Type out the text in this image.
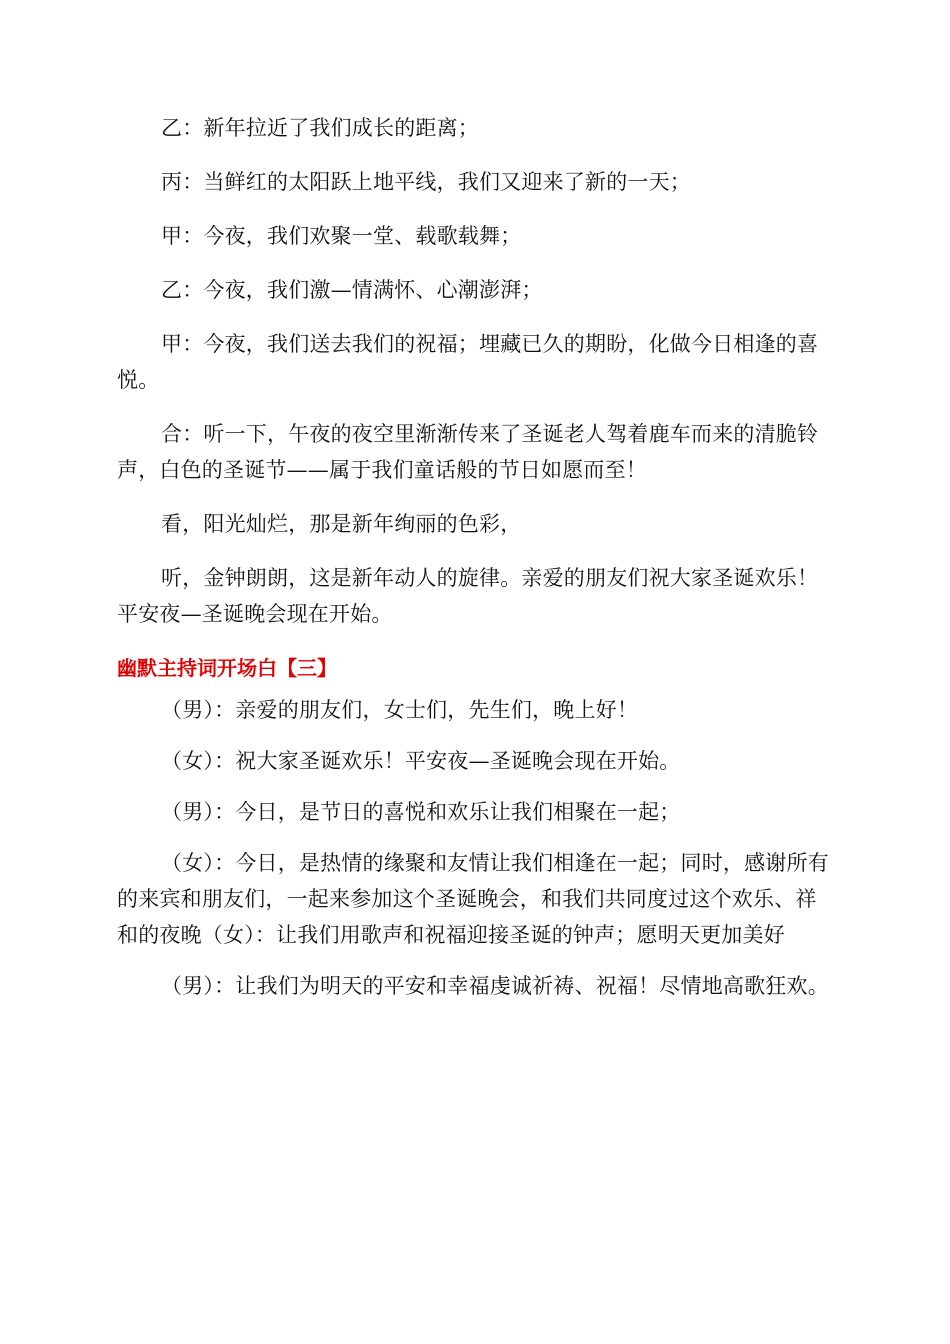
乙：新年拉近了我们成长的距离；

丙：当鲜红的太阳跃上地平线，我们又迎来了新的一天；

甲：今夜，我们欢聚一堂、载歌载舞；

乙：今夜，我们激—情满怀、心潮澎湃；

甲：今夜，我们送去我们的祝福；埋藏已久的期盼，化做今日相逢的喜悦。

合：听一下，午夜的夜空里渐渐传来了圣诞老人驾着鹿车而来的清脆铃声，白色的圣诞节——属于我们童话般的节日如愿而至！

看，阳光灿烂，那是新年绚丽的色彩，

听，金钟朗朗，这是新年动人的旋律。亲爱的朋友们祝大家圣诞欢乐！平安夜—圣诞晚会现在开始。

幽默主持词开场白【三】

（男）：亲爱的朋友们，女士们，先生们，晚上好！

（女）：祝大家圣诞欢乐！平安夜—圣诞晚会现在开始。

（男）：今日，是节日的喜悦和欢乐让我们相聚在一起；

（女）：今日，是热情的缘聚和友情让我们相逢在一起；同时，感谢所有的来宾和朋友们，一起来参加这个圣诞晚会，和我们共同度过这个欢乐、祥和的夜晚（女）：让我们用歌声和祝福迎接圣诞的钟声；愿明天更加美好

（男）：让我们为明天的平安和幸福虔诚祈祷、祝福！尽情地高歌狂欢。
